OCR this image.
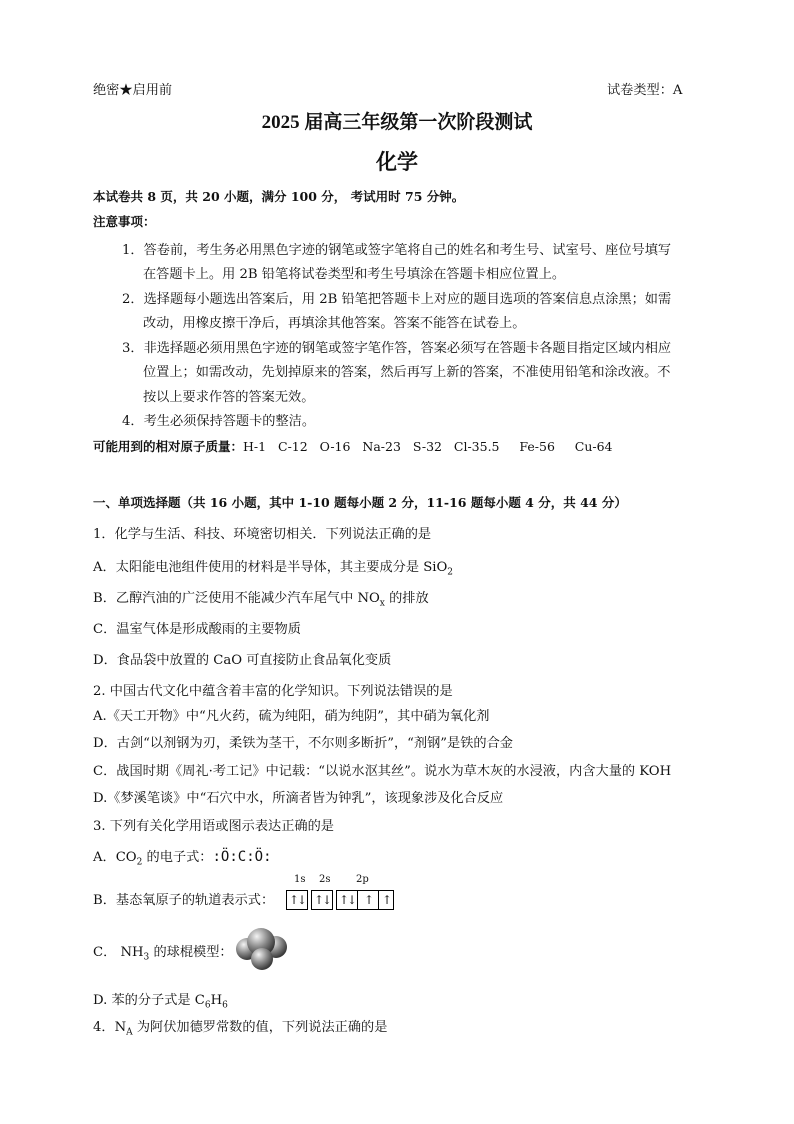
绝密★启用前	试卷类型：A
2025 届高三年级第一次阶段测试
化学
本试卷共 8 页，共 20 小题，满分 100 分， 考试用时 75 分钟。
注意事项：
1．答卷前，考生务必用黑色字迹的钢笔或签字笔将自己的姓名和考生号、试室号、座位号填写
在答题卡上。用 2B 铅笔将试卷类型和考生号填涂在答题卡相应位置上。
2．选择题每小题选出答案后，用 2B 铅笔把答题卡上对应的题目选项的答案信息点涂黑；如需
改动，用橡皮擦干净后，再填涂其他答案。答案不能答在试卷上。
3．非选择题必须用黑色字迹的钢笔或签字笔作答，答案必须写在答题卡各题目指定区域内相应
位置上；如需改动，先划掉原来的答案，然后再写上新的答案，不准使用铅笔和涂改液。不
按以上要求作答的答案无效。
4．考生必须保持答题卡的整洁。
可能用到的相对原子质量：H-1   C-12   O-16   Na-23   S-32   Cl-35.5     Fe-56     Cu-64
一、单项选择题（共 16 小题，其中 1-10 题每小题 2 分，11-16 题每小题 4 分，共 44 分）
1．化学与生活、科技、环境密切相关．下列说法正确的是
A．太阳能电池组件使用的材料是半导体，其主要成分是 SiO$_2$
B．乙醇汽油的广泛使用不能减少汽车尾气中 $NO_x$ 的排放
C．温室气体是形成酸雨的主要物质
D．食品袋中放置的 CaO 可直接防止食品氧化变质
2. 中国古代文化中蕴含着丰富的化学知识。下列说法错误的是
A.《天工开物》中“凡火药，硫为纯阳，硝为纯阴”，其中硝为氧化剂
D．古剑“以剂钢为刃，柔铁为茎干，不尔则多断折”，“剂钢”是铁的合金
C．战国时期《周礼·考工记》中记载：“以说水沤其丝”。说水为草木灰的水浸液，内含大量的 KOH
D.《梦溪笔谈》中“石穴中水，所滴者皆为钟乳”，该现象涉及化合反应
3. 下列有关化学用语或图示表达正确的是
A．$CO_2$ 的电子式：:Ö:C:Ö:
B．基态氧原子的轨道表示式：
1s 2s	2p
↑↓ ↑↓ ↑↓ ↑ ↑
C． $NH_3$ 的球棍模型：
D. 苯的分子式是 $C_6H_6$
4．$N_A$ 为阿伏加德罗常数的值，下列说法正确的是
